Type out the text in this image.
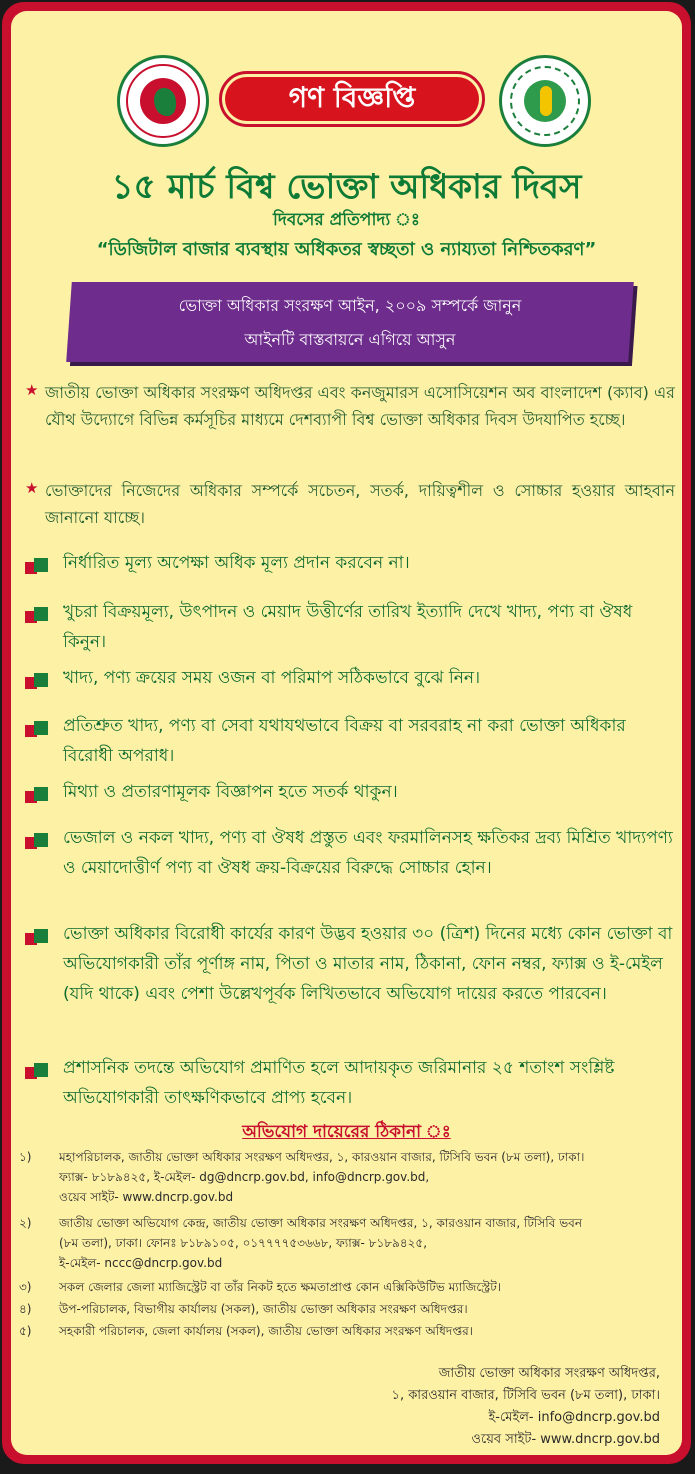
গণ বিজ্ঞপ্তি
১৫ মার্চ বিশ্ব ভোক্তা অধিকার দিবস
দিবসের প্রতিপাদ্য ঃ
“ডিজিটাল বাজার ব্যবস্থায় অধিকতর স্বচ্ছতা ও ন্যায্যতা নিশ্চিতকরণ”
ভোক্তা অধিকার সংরক্ষণ আইন, ২০০৯ সম্পর্কে জানুন
আইনটি বাস্তবায়নে এগিয়ে আসুন
★ জাতীয় ভোক্তা অধিকার সংরক্ষণ অধিদপ্তর এবং কনজুমারস এসোসিয়েশন অব বাংলাদেশ (ক্যাব) এর যৌথ উদ্যোগে বিভিন্ন কর্মসূচির মাধ্যমে দেশব্যাপী বিশ্ব ভোক্তা অধিকার দিবস উদযাপিত হচ্ছে।

★ ভোক্তাদের নিজেদের অধিকার সম্পর্কে সচেতন, সতর্ক, দায়িত্বশীল ও সোচ্চার হওয়ার আহবান জানানো যাচ্ছে।

নির্ধারিত মূল্য অপেক্ষা অধিক মূল্য প্রদান করবেন না।

খুচরা বিক্রয়মূল্য, উৎপাদন ও মেয়াদ উত্তীর্ণের তারিখ ইত্যাদি দেখে খাদ্য, পণ্য বা ঔষধ কিনুন।

খাদ্য, পণ্য ক্রয়ের সময় ওজন বা পরিমাপ সঠিকভাবে বুঝে নিন।

প্রতিশ্রুত খাদ্য, পণ্য বা সেবা যথাযথভাবে বিক্রয় বা সরবরাহ না করা ভোক্তা অধিকার বিরোধী অপরাধ।

মিথ্যা ও প্রতারণামূলক বিজ্ঞাপন হতে সতর্ক থাকুন।

ভেজাল ও নকল খাদ্য, পণ্য বা ঔষধ প্রস্তুত এবং ফরমালিনসহ ক্ষতিকর দ্রব্য মিশ্রিত খাদ্যপণ্য ও মেয়াদোত্তীর্ণ পণ্য বা ঔষধ ক্রয়-বিক্রয়ের বিরুদ্ধে সোচ্চার হোন।

ভোক্তা অধিকার বিরোধী কার্যের কারণ উদ্ভব হওয়ার ৩০ (ত্রিশ) দিনের মধ্যে কোন ভোক্তা বা অভিযোগকারী তাঁর পূর্ণাঙ্গ নাম, পিতা ও মাতার নাম, ঠিকানা, ফোন নম্বর, ফ্যাক্স ও ই-মেইল (যদি থাকে) এবং পেশা উল্লেখপূর্বক লিখিতভাবে অভিযোগ দায়ের করতে পারবেন।

প্রশাসনিক তদন্তে অভিযোগ প্রমাণিত হলে আদায়কৃত জরিমানার ২৫ শতাংশ সংশ্লিষ্ট অভিযোগকারী তাৎক্ষণিকভাবে প্রাপ্য হবেন।

অভিযোগ দায়েরের ঠিকানা ঃ
১)	মহাপরিচালক, জাতীয় ভোক্তা অধিকার সংরক্ষণ অধিদপ্তর, ১, কারওয়ান বাজার, টিসিবি ভবন (৮ম তলা), ঢাকা।
ফ্যাক্স- ৮১৮৯৪২৫, ই-মেইল- dg@dncrp.gov.bd, info@dncrp.gov.bd,
ওয়েব সাইট- www.dncrp.gov.bd
২)	জাতীয় ভোক্তা অভিযোগ কেন্দ্র, জাতীয় ভোক্তা অধিকার সংরক্ষণ অধিদপ্তর, ১, কারওয়ান বাজার, টিসিবি ভবন
(৮ম তলা), ঢাকা। ফোনঃ ৮১৮৯১০৫, ০১৭৭৭৭৫৩৬৬৮, ফ্যাক্স- ৮১৮৯৪২৫,
ই-মেইল- nccc@dncrp.gov.bd
৩)	সকল জেলার জেলা ম্যাজিস্ট্রেট বা তাঁর নিকট হতে ক্ষমতাপ্রাপ্ত কোন এক্সিকিউটিভ ম্যাজিস্ট্রেট।
৪)	উপ-পরিচালক, বিভাগীয় কার্যালয় (সকল), জাতীয় ভোক্তা অধিকার সংরক্ষণ অধিদপ্তর।
৫)	সহকারী পরিচালক, জেলা কার্যালয় (সকল), জাতীয় ভোক্তা অধিকার সংরক্ষণ অধিদপ্তর।
জাতীয় ভোক্তা অধিকার সংরক্ষণ অধিদপ্তর,
১, কারওয়ান বাজার, টিসিবি ভবন (৮ম তলা), ঢাকা।
ই-মেইল- info@dncrp.gov.bd
ওয়েব সাইট- www.dncrp.gov.bd
